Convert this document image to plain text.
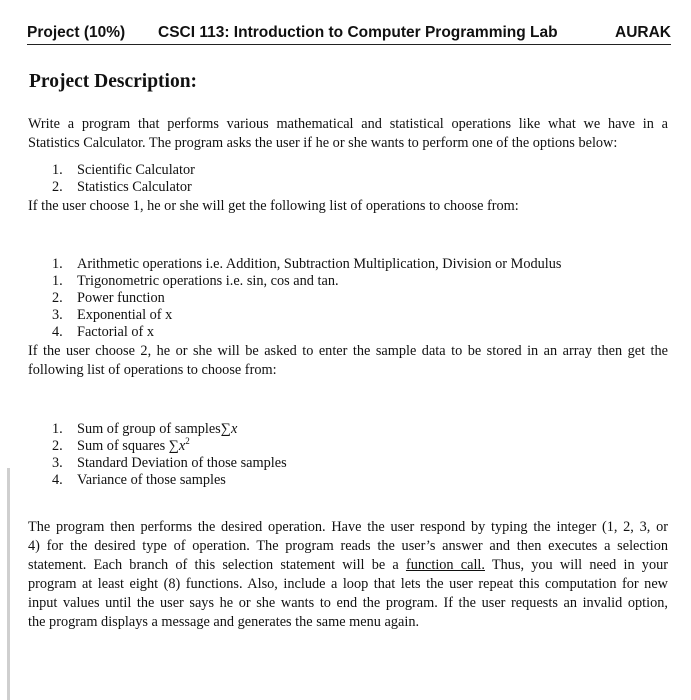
Project (10%) CSCI 113: Introduction to Computer Programming Lab	AURAK
Project Description:

Write a program that performs various mathematical and statistical operations like what we have in a
Statistics Calculator. The program asks the user if he or she wants to perform one of the options below:

1. Scientific Calculator
2. Statistics Calculator

If the user choose 1, he or she will get the following list of operations to choose from:

1. Arithmetic operations i.e. Addition, Subtraction Multiplication, Division or Modulus
1. Trigonometric operations i.e. sin, cos and tan.
2. Power function
3. Exponential of x
4. Factorial of x

If the user choose 2, he or she will be asked to enter the sample data to be stored in an array then get the
following list of operations to choose from:

1. Sum of group of samples∑x
2. Sum of squares $\sum x^2$
3. Standard Deviation of those samples
4. Variance of those samples

The program then performs the desired operation. Have the user respond by typing the integer (1, 2, 3, or
4) for the desired type of operation. The program reads the user’s answer and then executes a selection
statement. Each branch of this selection statement will be a function call. Thus, you will need in your
program at least eight (8) functions. Also, include a loop that lets the user repeat this computation for new
input values until the user says he or she wants to end the program. If the user requests an invalid option,
the program displays a message and generates the same menu again.
